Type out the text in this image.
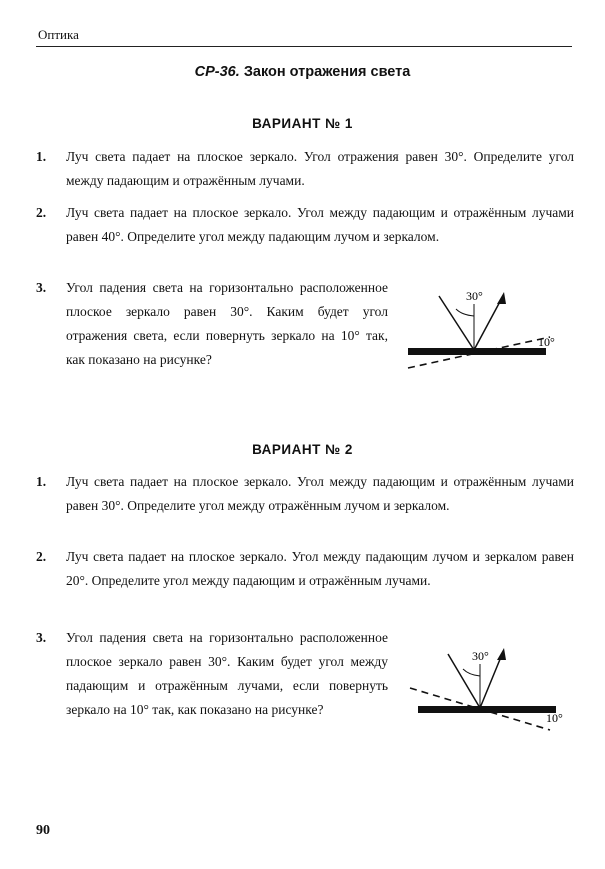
Оптика
СР-36. Закон отражения света
ВАРИАНТ № 1
1. Луч света падает на плоское зеркало. Угол отражения равен 30°. Определите угол между падающим и отражённым лучами.
2. Луч света падает на плоское зеркало. Угол между падающим и отражённым лучами равен 40°. Определите угол между падающим лучом и зеркалом.
3. Угол падения света на горизонтально расположенное плоское зеркало равен 30°. Каким будет угол отражения света, если повернуть зеркало на 10° так, как показано на рисунке?
30°
10°
ВАРИАНТ № 2
1. Луч света падает на плоское зеркало. Угол между падающим и отражённым лучами равен 30°. Определите угол между отражённым лучом и зеркалом.
2. Луч света падает на плоское зеркало. Угол между падающим лучом и зеркалом равен 20°. Определите угол между падающим и отражённым лучами.
3. Угол падения света на горизонтально расположенное плоское зеркало равен 30°. Каким будет угол между падающим и отражённым лучами, если повернуть зеркало на 10° так, как показано на рисунке?
30°
10°
90
